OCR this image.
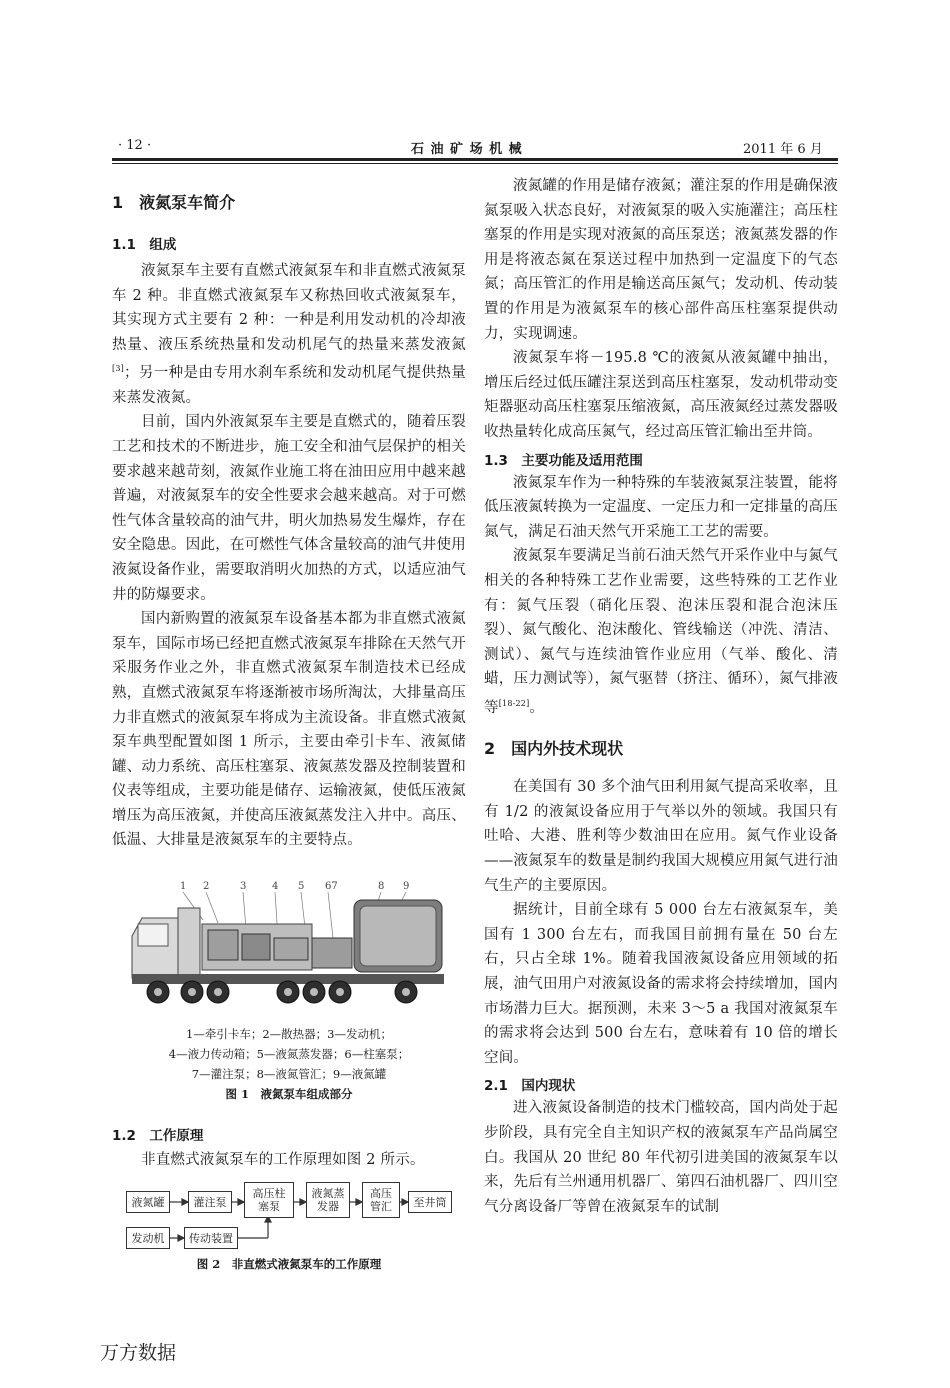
· 12 ·	石 油 矿 场 机 械	2011 年 6 月
1　液氮泵车简介
1.1　组成

液氮泵车主要有直燃式液氮泵车和非直燃式液氮泵车 2 种。非直燃式液氮泵车又称热回收式液氮泵车，其实现方式主要有 2 种：一种是利用发动机的冷却液热量、液压系统热量和发动机尾气的热量来蒸发液氮[3]；另一种是由专用水刹车系统和发动机尾气提供热量来蒸发液氮。

目前，国内外液氮泵车主要是直燃式的，随着压裂工艺和技术的不断进步，施工安全和油气层保护的相关要求越来越苛刻，液氮作业施工将在油田应用中越来越普遍，对液氮泵车的安全性要求会越来越高。对于可燃性气体含量较高的油气井，明火加热易发生爆炸，存在安全隐患。因此，在可燃性气体含量较高的油气井使用液氮设备作业，需要取消明火加热的方式，以适应油气井的防爆要求。

国内新购置的液氮泵车设备基本都为非直燃式液氮泵车，国际市场已经把直燃式液氮泵车排除在天然气开采服务作业之外，非直燃式液氮泵车制造技术已经成熟，直燃式液氮泵车将逐渐被市场所淘汰，大排量高压力非直燃式的液氮泵车将成为主流设备。非直燃式液氮泵车典型配置如图 1 所示，主要由牵引卡车、液氮储罐、动力系统、高压柱塞泵、液氮蒸发器及控制装置和仪表等组成，主要功能是储存、运输液氮，使低压液氮增压为高压液氮，并使高压液氮蒸发注入井中。高压、低温、大排量是液氮泵车的主要特点。

1 2	3	4 5 67	8 9
1—牵引卡车；2—散热器；3—发动机；
4—液力传动箱；5—液氮蒸发器；6—柱塞泵；
7—灌注泵；8—液氮管汇；9—液氮罐
图 1　液氮泵车组成部分
1.2　工作原理

非直燃式液氮泵车的工作原理如图 2 所示。

液氮罐	灌注泵
高压柱
塞泵
液氮蒸
发器
高压
管汇	至井筒
发动机	传动装置
图 2　非直燃式液氮泵车的工作原理

液氮罐的作用是储存液氮；灌注泵的作用是确保液氮泵吸入状态良好，对液氮泵的吸入实施灌注；高压柱塞泵的作用是实现对液氮的高压泵送；液氮蒸发器的作用是将液态氮在泵送过程中加热到一定温度下的气态氮；高压管汇的作用是输送高压氮气；发动机、传动装置的作用是为液氮泵车的核心部件高压柱塞泵提供动力，实现调速。

液氮泵车将－195.8 ℃的液氮从液氮罐中抽出，增压后经过低压罐注泵送到高压柱塞泵，发动机带动变矩器驱动高压柱塞泵压缩液氮，高压液氮经过蒸发器吸收热量转化成高压氮气，经过高压管汇输出至井筒。

1.3　主要功能及适用范围

液氮泵车作为一种特殊的车装液氮泵注装置，能将低压液氮转换为一定温度、一定压力和一定排量的高压氮气，满足石油天然气开采施工工艺的需要。

液氮泵车要满足当前石油天然气开采作业中与氮气相关的各种特殊工艺作业需要，这些特殊的工艺作业有：氮气压裂（硝化压裂、泡沫压裂和混合泡沫压裂）、氮气酸化、泡沫酸化、管线输送（冲洗、清洁、测试）、氮气与连续油管作业应用（气举、酸化、清蜡，压力测试等），氮气驱替（挤注、循环），氮气排液等[18-22]。

2　国内外技术现状

在美国有 30 多个油气田利用氮气提高采收率，且有 1/2 的液氮设备应用于气举以外的领域。我国只有吐哈、大港、胜利等少数油田在应用。氮气作业设备——液氮泵车的数量是制约我国大规模应用氮气进行油气生产的主要原因。

据统计，目前全球有 5 000 台左右液氮泵车，美国有 1 300 台左右，而我国目前拥有量在 50 台左右，只占全球 1%。随着我国液氮设备应用领域的拓展，油气田用户对液氮设备的需求将会持续增加，国内市场潜力巨大。据预测，未来 3～5 a 我国对液氮泵车的需求将会达到 500 台左右，意味着有 10 倍的增长空间。

2.1　国内现状

进入液氮设备制造的技术门槛较高，国内尚处于起步阶段，具有完全自主知识产权的液氮泵车产品尚属空白。我国从 20 世纪 80 年代初引进美国的液氮泵车以来，先后有兰州通用机器厂、第四石油机器厂、四川空气分离设备厂等曾在液氮泵车的试制

万方数据
